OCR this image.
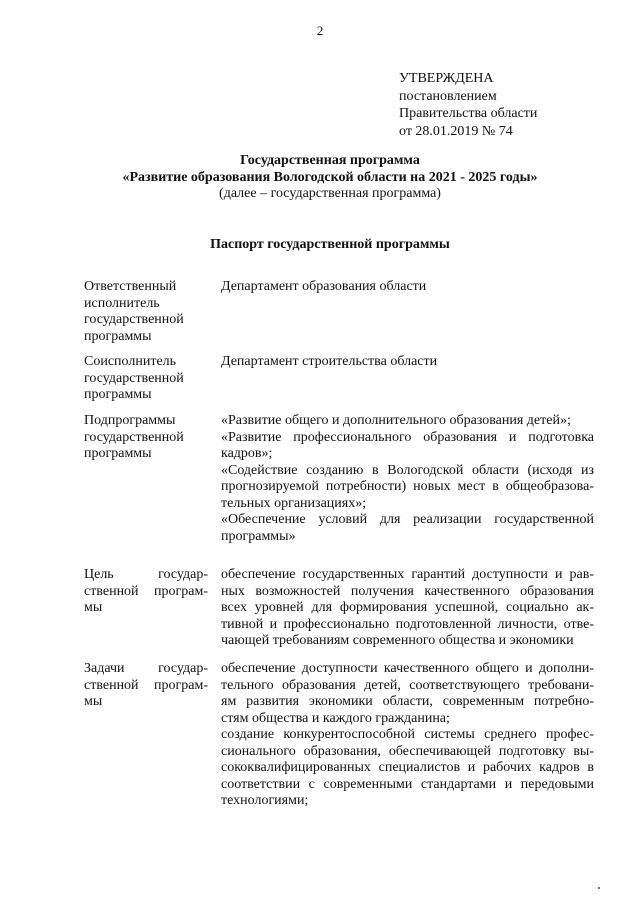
2
УТВЕРЖДЕНА
постановлением
Правительства области
от 28.01.2019 № 74
Государственная программа
«Развитие образования Вологодской области на 2021 - 2025 годы»
(далее – государственная программа)
Паспорт государственной программы
Ответственный
исполнитель
государственной
программы
Департамент образования области
Соисполнитель
государственной
программы
Департамент строительства области
Подпрограммы
государственной
программы
«Развитие общего и дополнительного образования детей»;
«Развитие профессионального образования и подготовка
кадров»;
«Содействие созданию в Вологодской области (исходя из
прогнозируемой потребности) новых мест в общеобразова-
тельных организациях»;
«Обеспечение условий для реализации государственной
программы»
Цель государ-
ственной програм-
мы
обеспечение государственных гарантий доступности и рав-
ных возможностей получения качественного образования
всех уровней для формирования успешной, социально ак-
тивной и профессионально подготовленной личности, отве-
чающей требованиям современного общества и экономики
Задачи государ-
ственной програм-
мы
обеспечение доступности качественного общего и дополни-
тельного образования детей, соответствующего требовани-
ям развития экономики области, современным потребно-
стям общества и каждого гражданина;
создание конкурентоспособной системы среднего профес-
сионального образования, обеспечивающей подготовку вы-
сококвалифицированных специалистов и рабочих кадров в
соответствии с современными стандартами и передовыми
технологиями;
